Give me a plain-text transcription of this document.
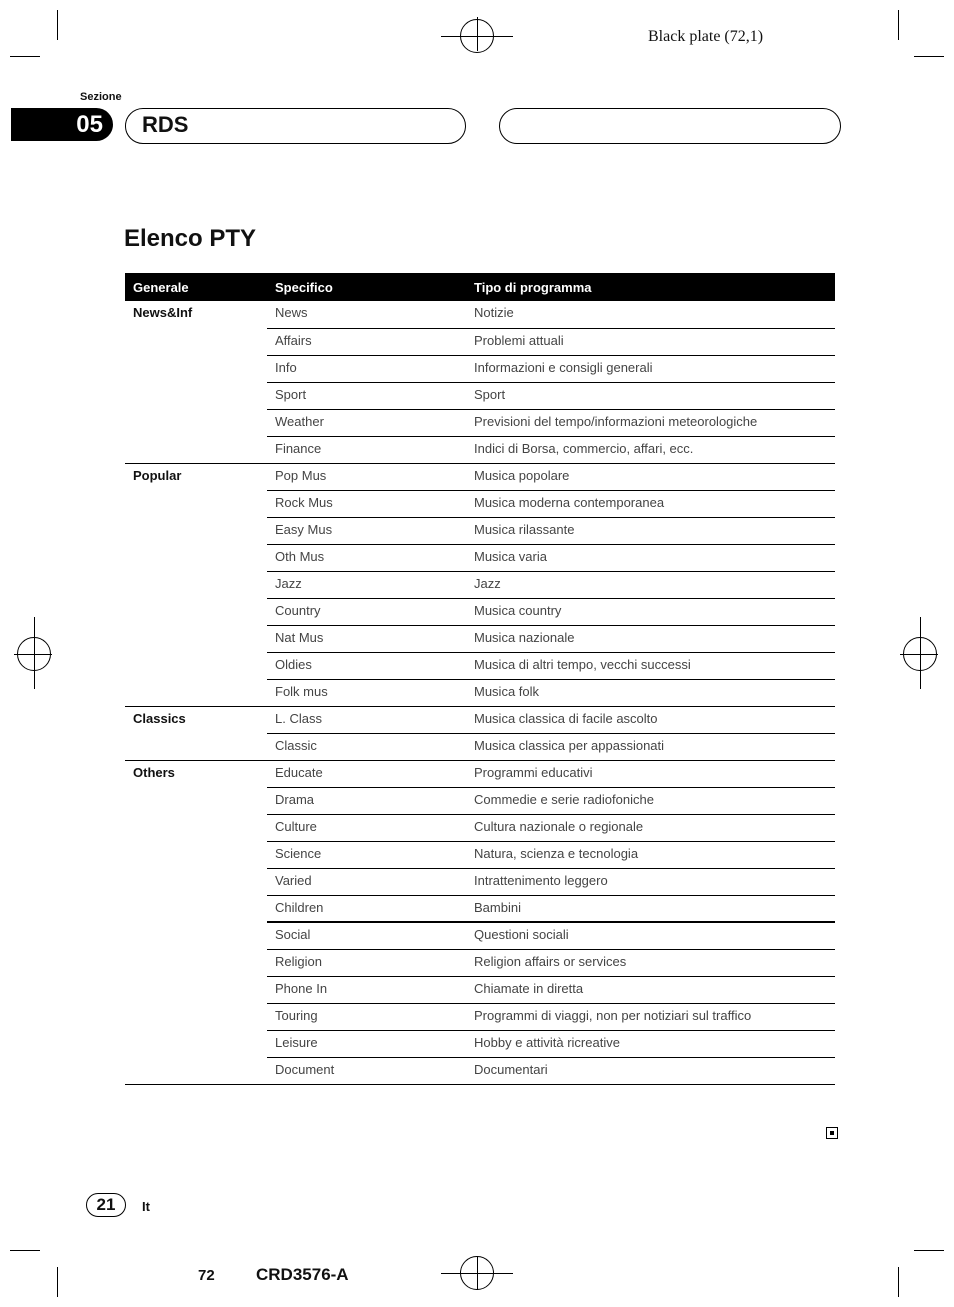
Black plate (72,1)
Sezione
05	RDS
Elenco PTY
Generale	Specifico	Tipo di programma
News&Inf	News	Notizie
	Affairs	Problemi attuali
	Info	Informazioni e consigli generali
	Sport	Sport
	Weather	Previsioni del tempo/informazioni meteorologiche
	Finance	Indici di Borsa, commercio, affari, ecc.
Popular	Pop Mus	Musica popolare
	Rock Mus	Musica moderna contemporanea
	Easy Mus	Musica rilassante
	Oth Mus	Musica varia
	Jazz	Jazz
	Country	Musica country
	Nat Mus	Musica nazionale
	Oldies	Musica di altri tempo, vecchi successi
	Folk mus	Musica folk
Classics	L. Class	Musica classica di facile ascolto
	Classic	Musica classica per appassionati
Others	Educate	Programmi educativi
	Drama	Commedie e serie radiofoniche
	Culture	Cultura nazionale o regionale
	Science	Natura, scienza e tecnologia
	Varied	Intrattenimento leggero
	Children	Bambini
	Social	Questioni sociali
	Religion	Religion affairs or services
	Phone In	Chiamate in diretta
	Touring	Programmi di viaggi, non per notiziari sul traffico
	Leisure	Hobby e attività ricreative
	Document	Documentari
21	It
72 CRD3576-A
